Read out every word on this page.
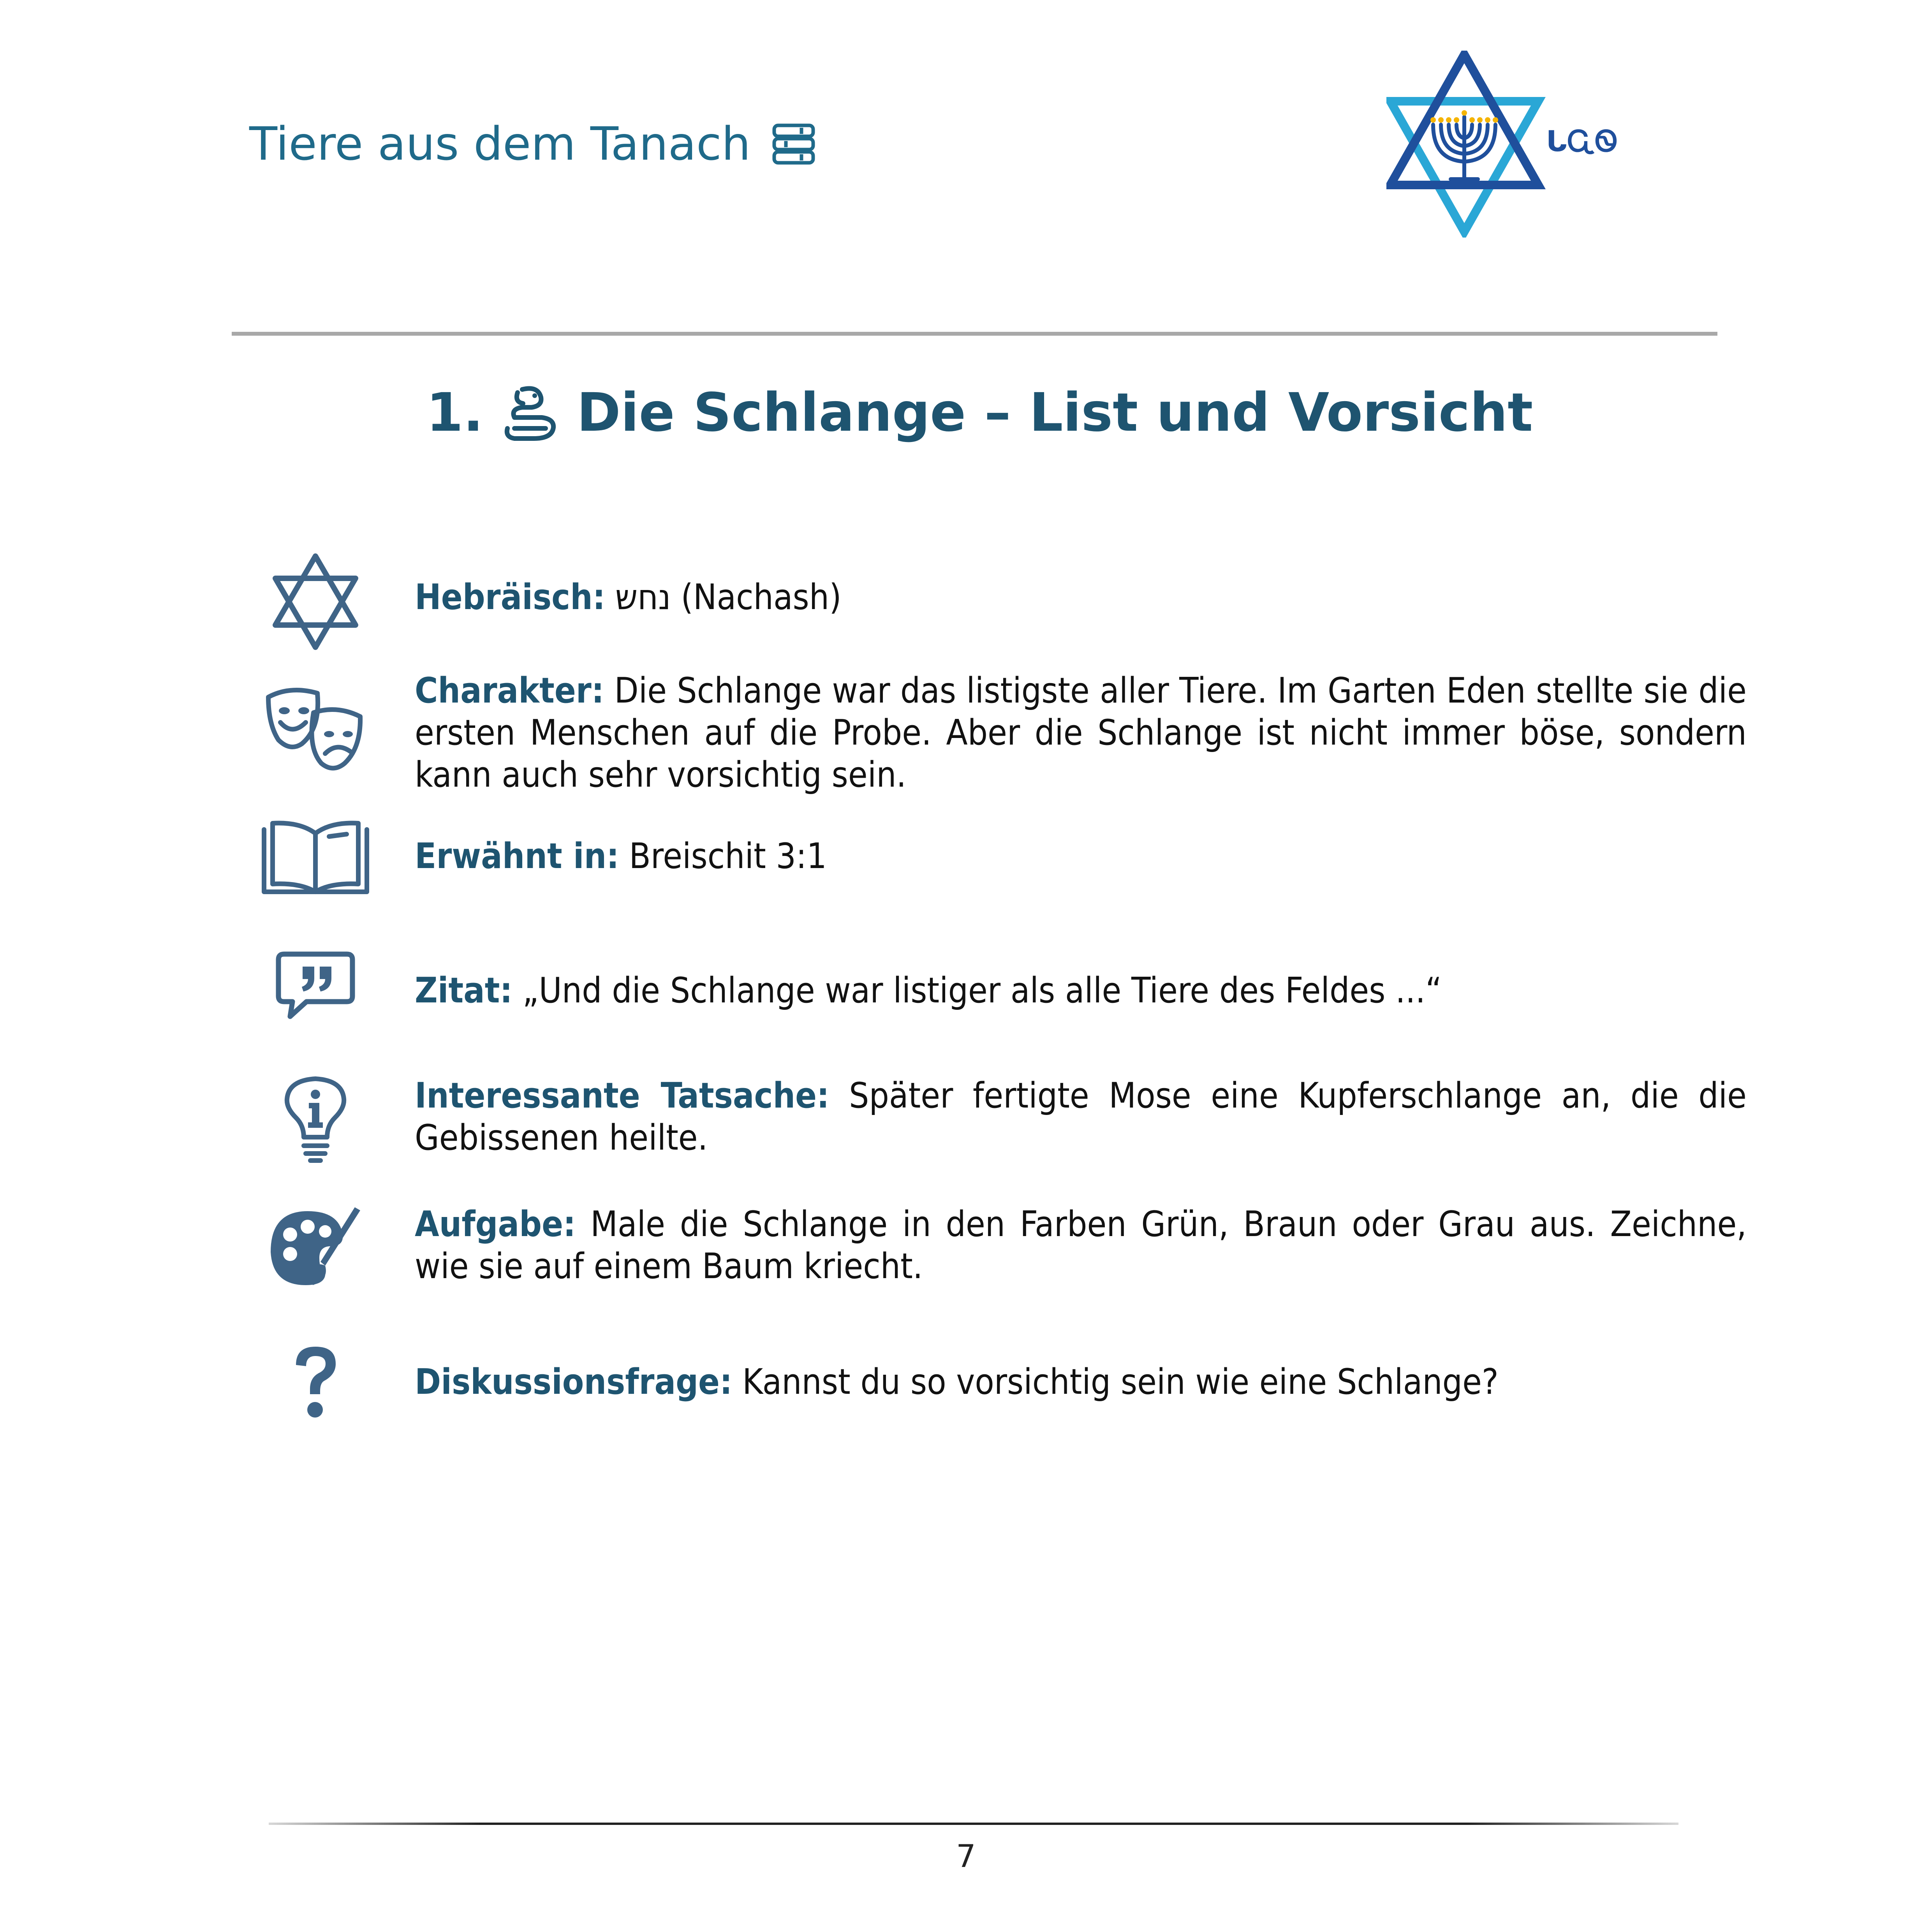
Tiere aus dem Tanach	ᒐᏩᏫ
1. Die Schlange – List und Vorsicht
Hebräisch: נחש (Nachash)
Charakter: Die Schlange war das listigste aller Tiere. Im Garten Eden stellte sie die ersten Menschen auf die Probe. Aber die Schlange ist nicht immer böse, sondern kann auch sehr vorsichtig sein.
Erwähnt in: Breischit 3:1
Zitat: „Und die Schlange war listiger als alle Tiere des Feldes ...“
Interessante Tatsache: Später fertigte Mose eine Kupferschlange an, die die Gebissenen heilte.
Aufgabe: Male die Schlange in den Farben Grün, Braun oder Grau aus. Zeichne, wie sie auf einem Baum kriecht.
Diskussionsfrage: Kannst du so vorsichtig sein wie eine Schlange?
7
